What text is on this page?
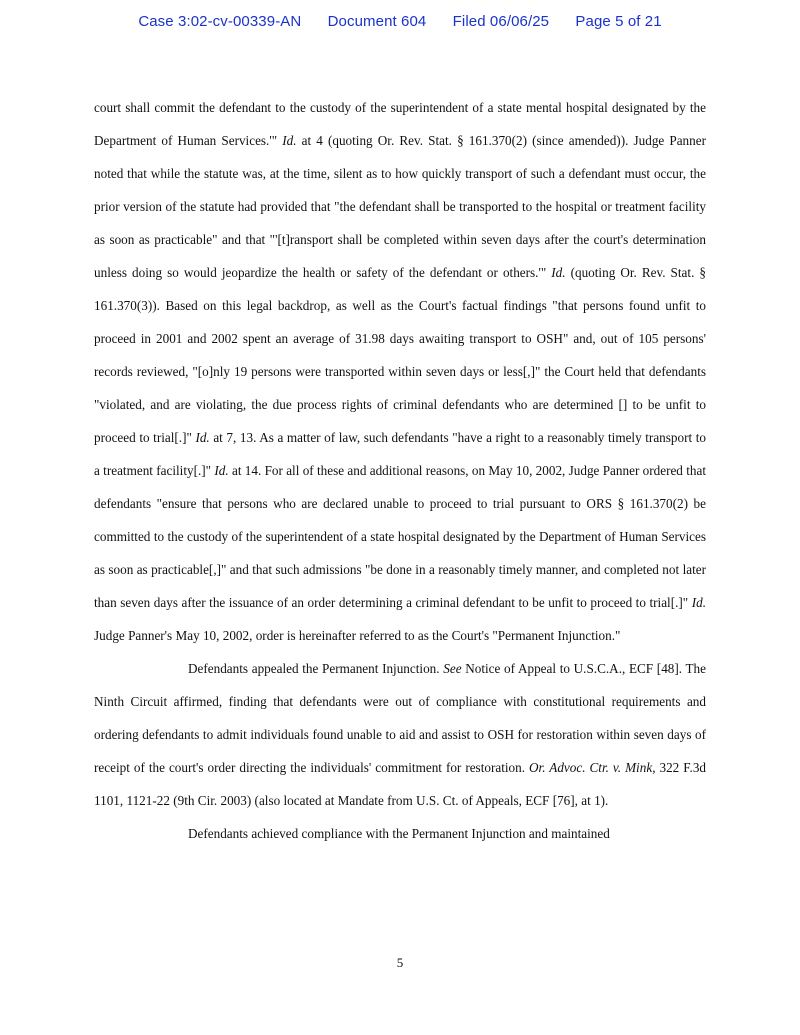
Case 3:02-cv-00339-AN Document 604 Filed 06/06/25 Page 5 of 21

court shall commit the defendant to the custody of the superintendent of a state mental hospital designated by the Department of Human Services.'" Id. at 4 (quoting Or. Rev. Stat. § 161.370(2) (since amended)). Judge Panner noted that while the statute was, at the time, silent as to how quickly transport of such a defendant must occur, the prior version of the statute had provided that "the defendant shall be transported to the hospital or treatment facility as soon as practicable" and that "'[t]ransport shall be completed within seven days after the court's determination unless doing so would jeopardize the health or safety of the defendant or others.'" Id. (quoting Or. Rev. Stat. § 161.370(3)). Based on this legal backdrop, as well as the Court's factual findings "that persons found unfit to proceed in 2001 and 2002 spent an average of 31.98 days awaiting transport to OSH" and, out of 105 persons' records reviewed, "[o]nly 19 persons were transported within seven days or less[,]" the Court held that defendants "violated, and are violating, the due process rights of criminal defendants who are determined [] to be unfit to proceed to trial[.]" Id. at 7, 13. As a matter of law, such defendants "have a right to a reasonably timely transport to a treatment facility[.]" Id. at 14. For all of these and additional reasons, on May 10, 2002, Judge Panner ordered that defendants "ensure that persons who are declared unable to proceed to trial pursuant to ORS § 161.370(2) be committed to the custody of the superintendent of a state hospital designated by the Department of Human Services as soon as practicable[,]" and that such admissions "be done in a reasonably timely manner, and completed not later than seven days after the issuance of an order determining a criminal defendant to be unfit to proceed to trial[.]" Id. Judge Panner's May 10, 2002, order is hereinafter referred to as the Court's "Permanent Injunction."

Defendants appealed the Permanent Injunction. See Notice of Appeal to U.S.C.A., ECF [48]. The Ninth Circuit affirmed, finding that defendants were out of compliance with constitutional requirements and ordering defendants to admit individuals found unable to aid and assist to OSH for restoration within seven days of receipt of the court's order directing the individuals' commitment for restoration. Or. Advoc. Ctr. v. Mink, 322 F.3d 1101, 1121-22 (9th Cir. 2003) (also located at Mandate from U.S. Ct. of Appeals, ECF [76], at 1).

Defendants achieved compliance with the Permanent Injunction and maintained

5
